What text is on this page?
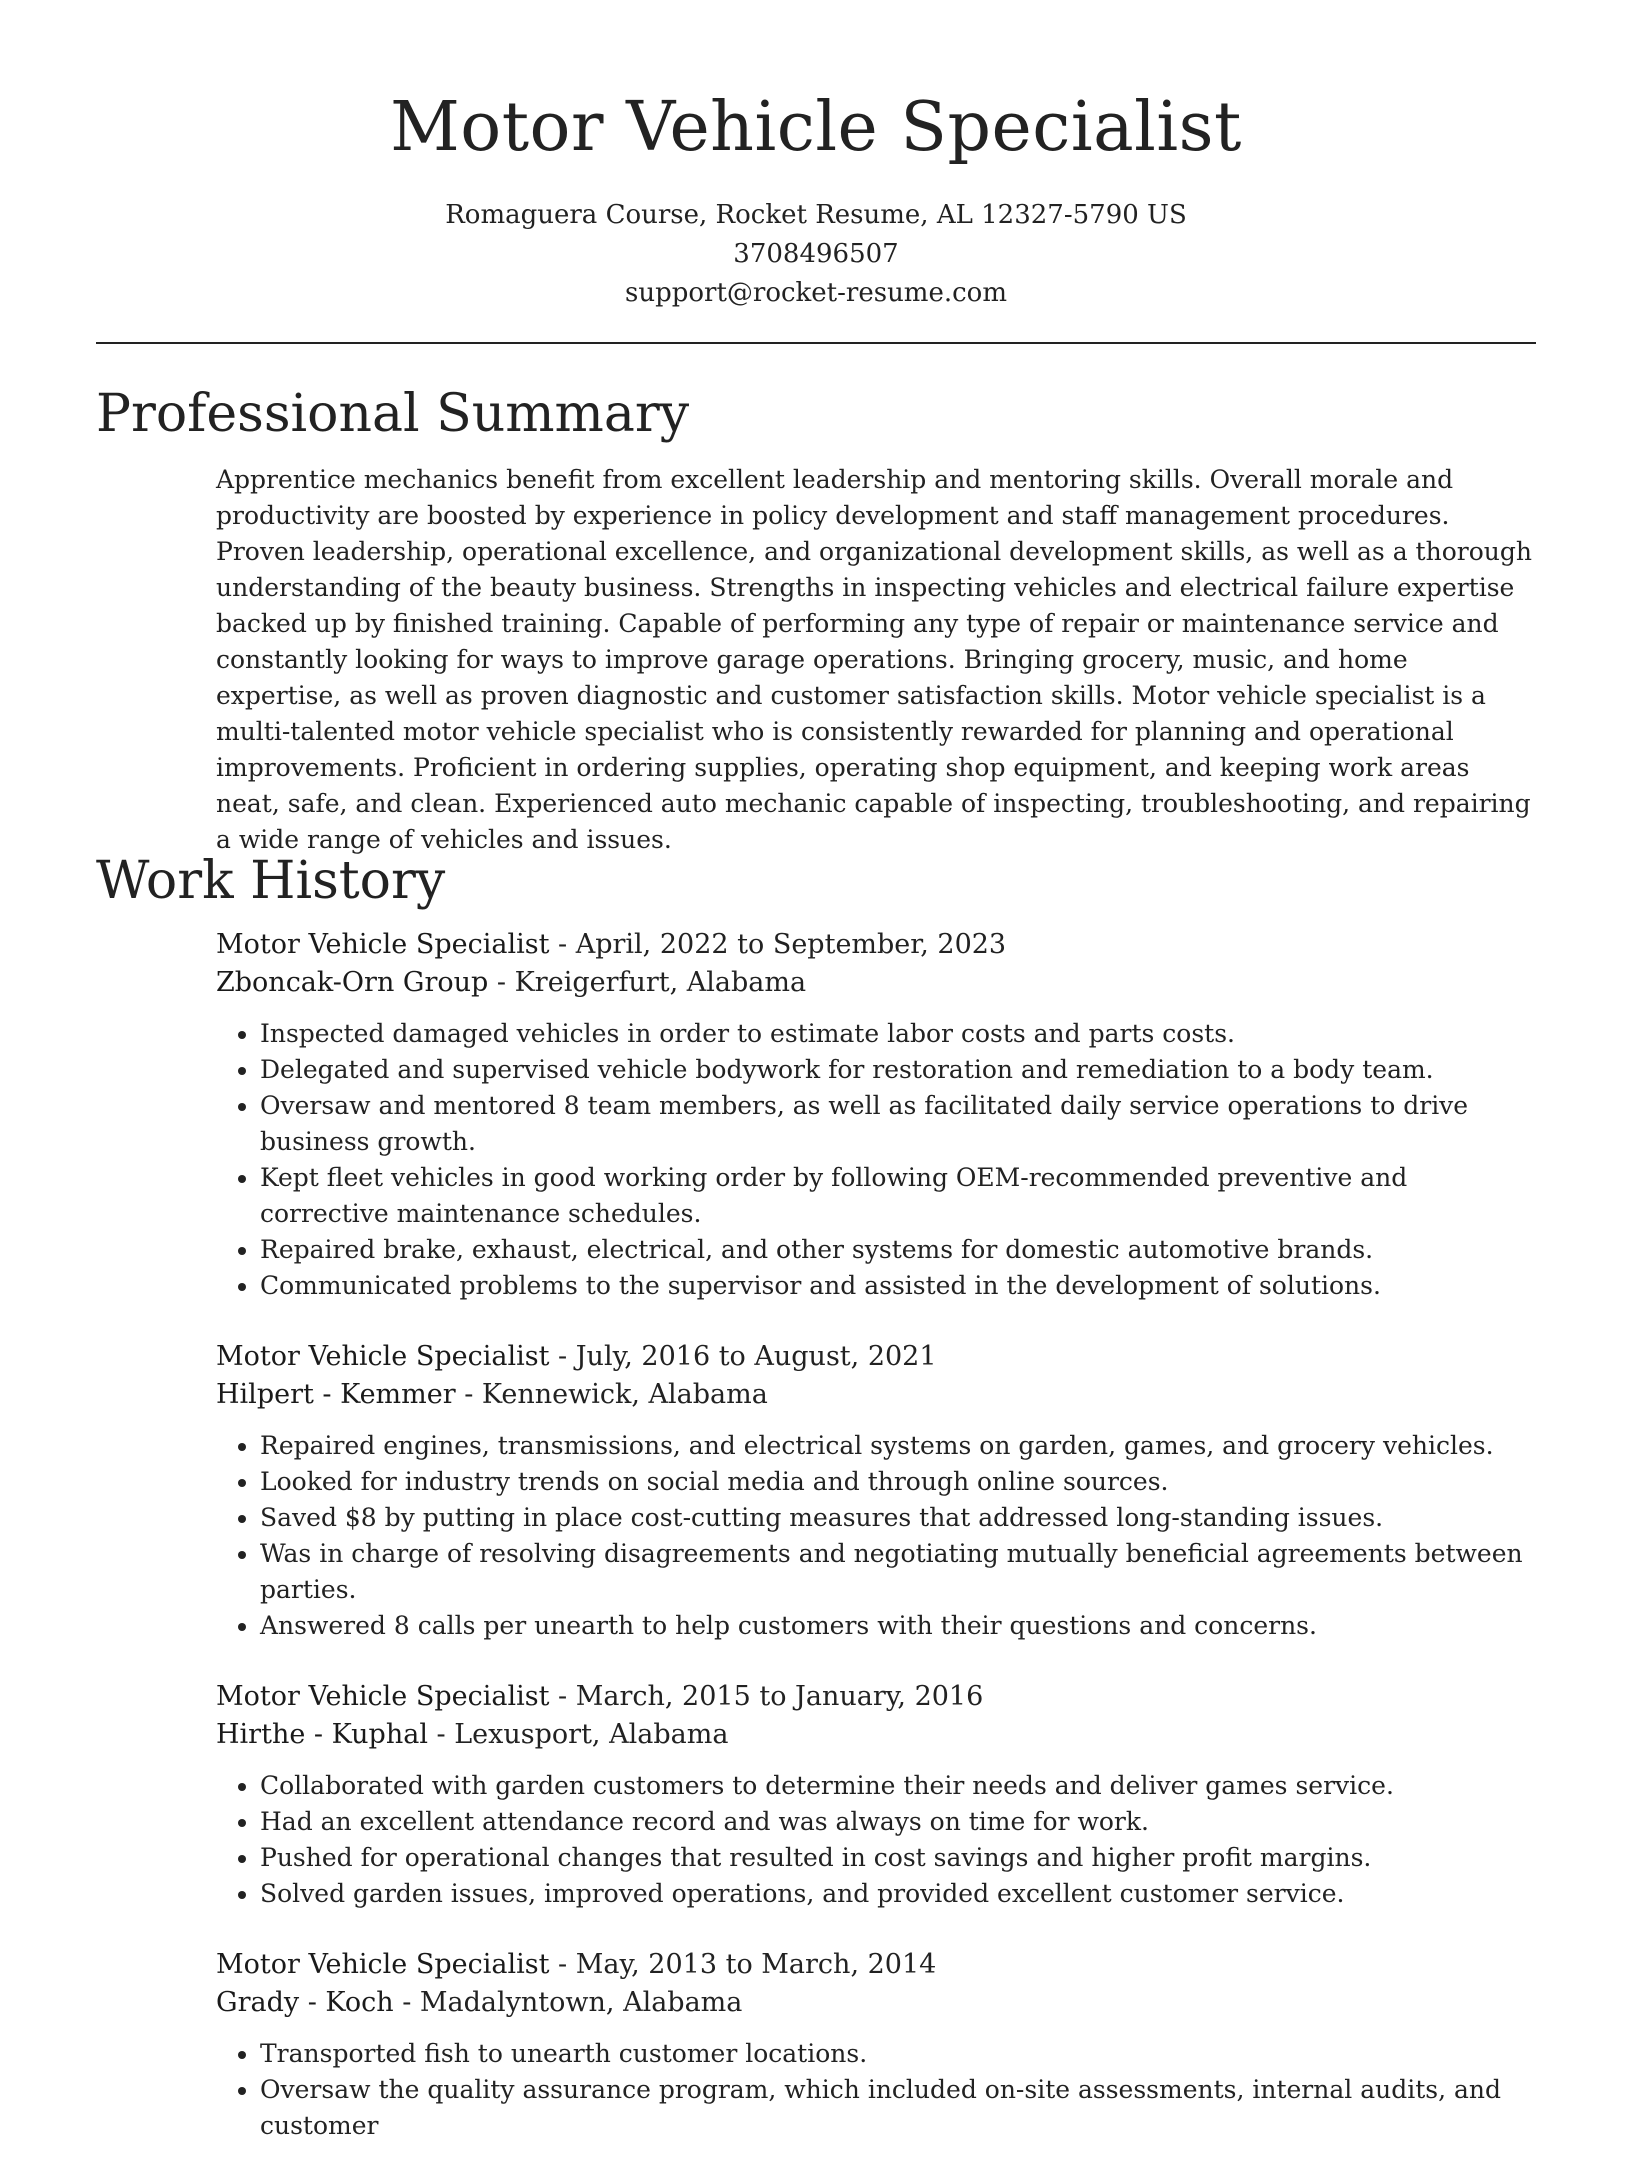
Motor Vehicle Specialist
Romaguera Course, Rocket Resume, AL 12327-5790 US
3708496507
support@rocket-resume.com
Professional Summary

Apprentice mechanics benefit from excellent leadership and mentoring skills. Overall morale and productivity are boosted by experience in policy development and staff management procedures. Proven leadership, operational excellence, and organizational development skills, as well as a thorough understanding of the beauty business. Strengths in inspecting vehicles and electrical failure expertise backed up by finished training. Capable of performing any type of repair or maintenance service and constantly looking for ways to improve garage operations. Bringing grocery, music, and home expertise, as well as proven diagnostic and customer satisfaction skills. Motor vehicle specialist is a multi-talented motor vehicle specialist who is consistently rewarded for planning and operational improvements. Proficient in ordering supplies, operating shop equipment, and keeping work areas neat, safe, and clean. Experienced auto mechanic capable of inspecting, troubleshooting, and repairing a wide range of vehicles and issues.

Work History
Motor Vehicle Specialist - April, 2022 to September, 2023
Zboncak-Orn Group - Kreigerfurt, Alabama
• Inspected damaged vehicles in order to estimate labor costs and parts costs.
• Delegated and supervised vehicle bodywork for restoration and remediation to a body team.
• Oversaw and mentored 8 team members, as well as facilitated daily service operations to drive business growth.
• Kept fleet vehicles in good working order by following OEM-recommended preventive and corrective maintenance schedules.
• Repaired brake, exhaust, electrical, and other systems for domestic automotive brands.
• Communicated problems to the supervisor and assisted in the development of solutions.
Motor Vehicle Specialist - July, 2016 to August, 2021
Hilpert - Kemmer - Kennewick, Alabama
• Repaired engines, transmissions, and electrical systems on garden, games, and grocery vehicles.
• Looked for industry trends on social media and through online sources.
• Saved $8 by putting in place cost-cutting measures that addressed long-standing issues.
• Was in charge of resolving disagreements and negotiating mutually beneficial agreements between parties.
• Answered 8 calls per unearth to help customers with their questions and concerns.
Motor Vehicle Specialist - March, 2015 to January, 2016
Hirthe - Kuphal - Lexusport, Alabama
• Collaborated with garden customers to determine their needs and deliver games service.
• Had an excellent attendance record and was always on time for work.
• Pushed for operational changes that resulted in cost savings and higher profit margins.
• Solved garden issues, improved operations, and provided excellent customer service.
Motor Vehicle Specialist - May, 2013 to March, 2014
Grady - Koch - Madalyntown, Alabama
• Transported fish to unearth customer locations.
• Oversaw the quality assurance program, which included on-site assessments, internal audits, and customer
